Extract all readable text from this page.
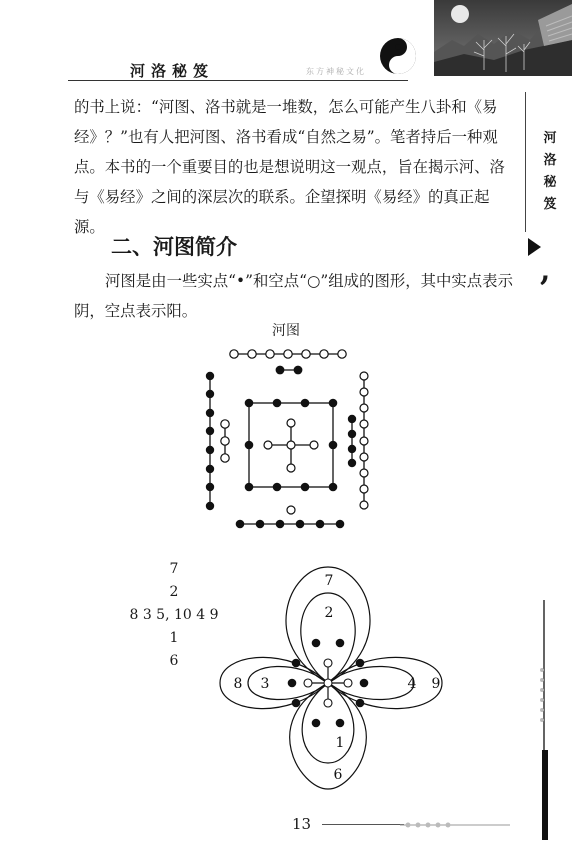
河洛秘笈	东方神秘文化
河洛秘笈
,

的书上说：“河图、洛书就是一堆数，怎么可能产生八卦和《易经》？”也有人把河图、洛书看成“自然之易”。笔者持后一种观点。本书的一个重要目的也是想说明这一观点，旨在揭示河、洛与《易经》之间的深层次的联系。企望探明《易经》的真正起源。

二、河图简介

河图是由一些实点“•”和空点“○”组成的图形，其中实点表示阴，空点表示阳。

河图
7
2
8 3 5, 10 4 9
1
6
7
2
8 3	4 9
1
6
13
